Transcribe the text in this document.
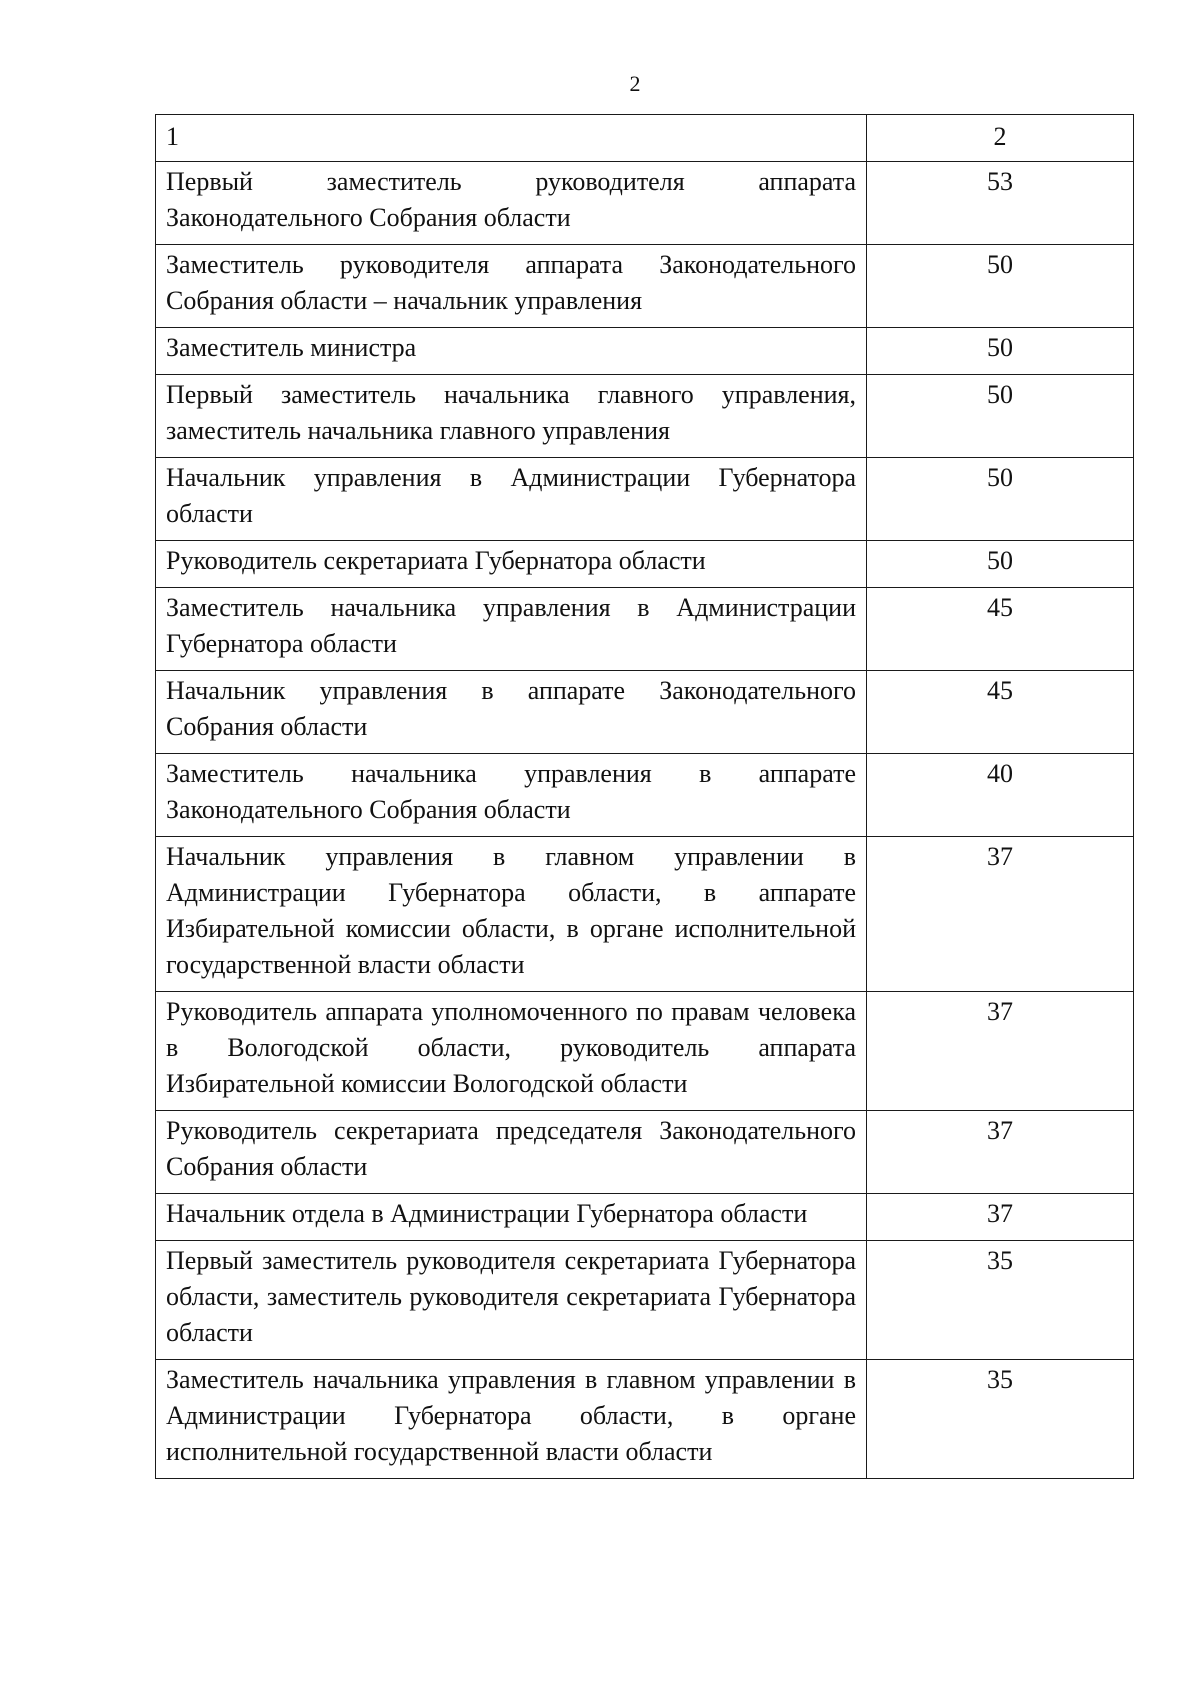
2
1	2
Первый заместитель руководителя аппарата Законодательного Собрания области	53
Заместитель руководителя аппарата Законодательного Собрания области – начальник управления	50
Заместитель министра	50
Первый заместитель начальника главного управления, заместитель начальника главного управления	50
Начальник управления в Администрации Губернатора области	50
Руководитель секретариата Губернатора области	50
Заместитель начальника управления в Администрации Губернатора области	45
Начальник управления в аппарате Законодательного Собрания области	45
Заместитель начальника управления в аппарате Законодательного Собрания области	40
Начальник управления в главном управлении в Администрации Губернатора области, в аппарате Избирательной комиссии области, в органе исполнительной государственной власти области	37
Руководитель аппарата уполномоченного по правам человека в Вологодской области, руководитель аппарата Избирательной комиссии Вологодской области	37
Руководитель секретариата председателя Законодательного Собрания области	37
Начальник отдела в Администрации Губернатора области	37
Первый заместитель руководителя секретариата Губернатора области, заместитель руководителя секретариата Губернатора области	35
Заместитель начальника управления в главном управлении в Администрации Губернатора области, в органе исполнительной государственной власти области	35
